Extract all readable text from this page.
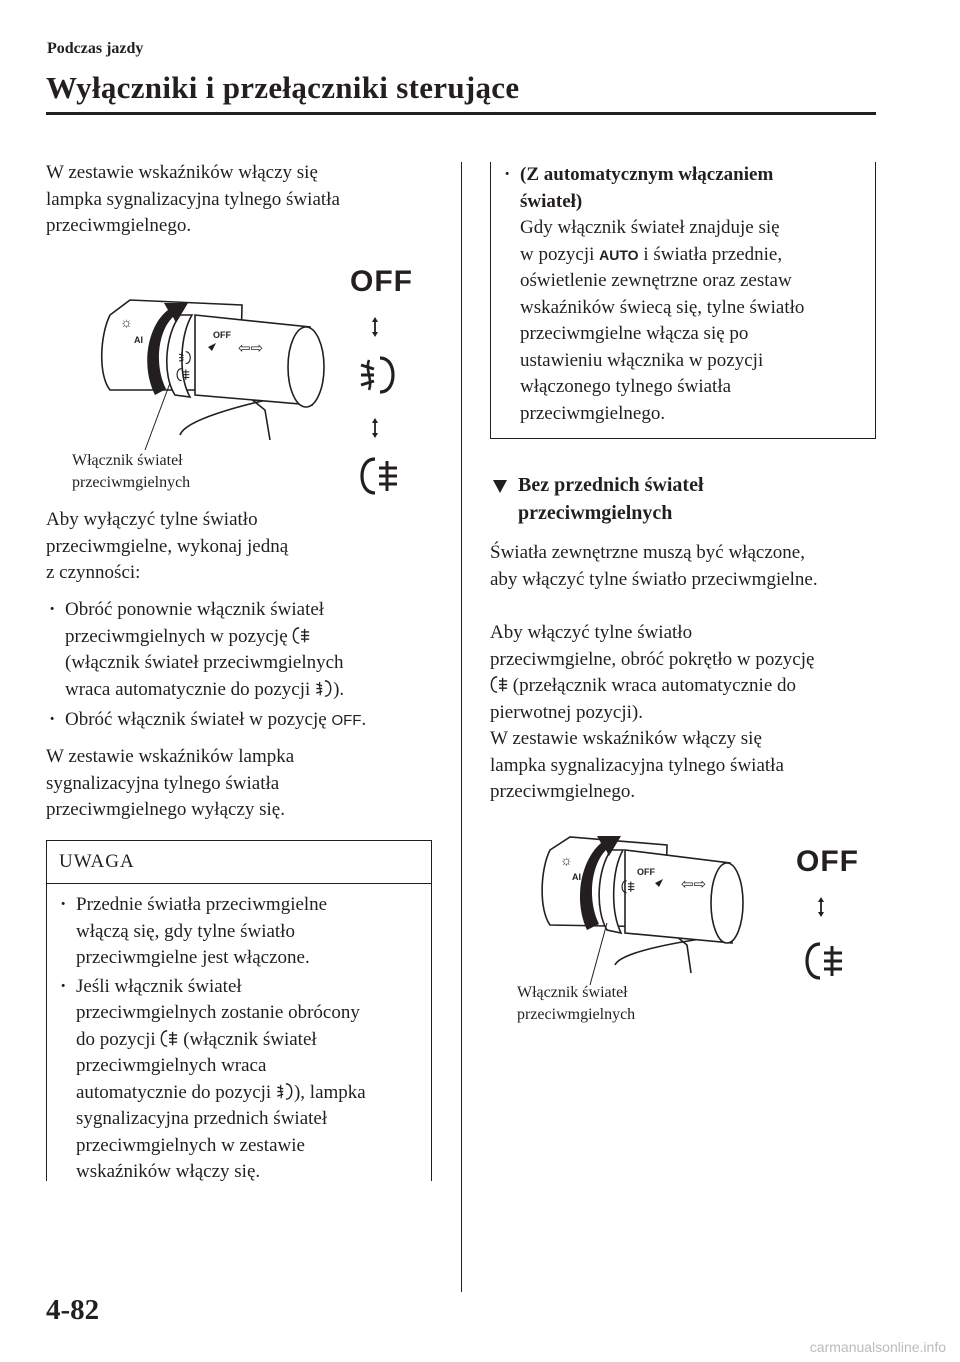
Podczas jazdy
Wyłączniki i przełączniki sterujące
W zestawie wskaźników włączy się
lampka sygnalizacyjna tylnego światła
przeciwmgielnego.
☼
AI	OFF
⇦⇨
Włącznik świateł
przeciwmgielnych
OFF
Aby wyłączyć tylne światło
przeciwmgielne, wykonaj jedną
z czynności:
· Obróć ponownie włącznik świateł
przeciwmgielnych w pozycję
(włącznik świateł przeciwmgielnych
wraca automatycznie do pozycji ).
· Obróć włącznik świateł w pozycję OFF.
W zestawie wskaźników lampka
sygnalizacyjna tylnego światła
przeciwmgielnego wyłączy się.
UWAGA
· Przednie światła przeciwmgielne
włączą się, gdy tylne światło
przeciwmgielne jest włączone.
· Jeśli włącznik świateł
przeciwmgielnych zostanie obrócony
do pozycji (włącznik świateł
przeciwmgielnych wraca
automatycznie do pozycji ), lampka
sygnalizacyjna przednich świateł
przeciwmgielnych w zestawie
wskaźników włączy się.
· (Z automatycznym włączaniem
świateł)
Gdy włącznik świateł znajduje się
w pozycji AUTO i światła przednie,
oświetlenie zewnętrzne oraz zestaw
wskaźników świecą się, tylne światło
przeciwmgielne włącza się po
ustawieniu włącznika w pozycji
włączonego tylnego światła
przeciwmgielnego.
Bez przednich świateł
przeciwmgielnych
Światła zewnętrzne muszą być włączone,
aby włączyć tylne światło przeciwmgielne.
Aby włączyć tylne światło
przeciwmgielne, obróć pokrętło w pozycję
(przełącznik wraca automatycznie do
pierwotnej pozycji).
W zestawie wskaźników włączy się
lampka sygnalizacyjna tylnego światła
przeciwmgielnego.
☼
AI	OFF
⇦⇨
Włącznik świateł
przeciwmgielnych
OFF
4-82
carmanualsonline.info
